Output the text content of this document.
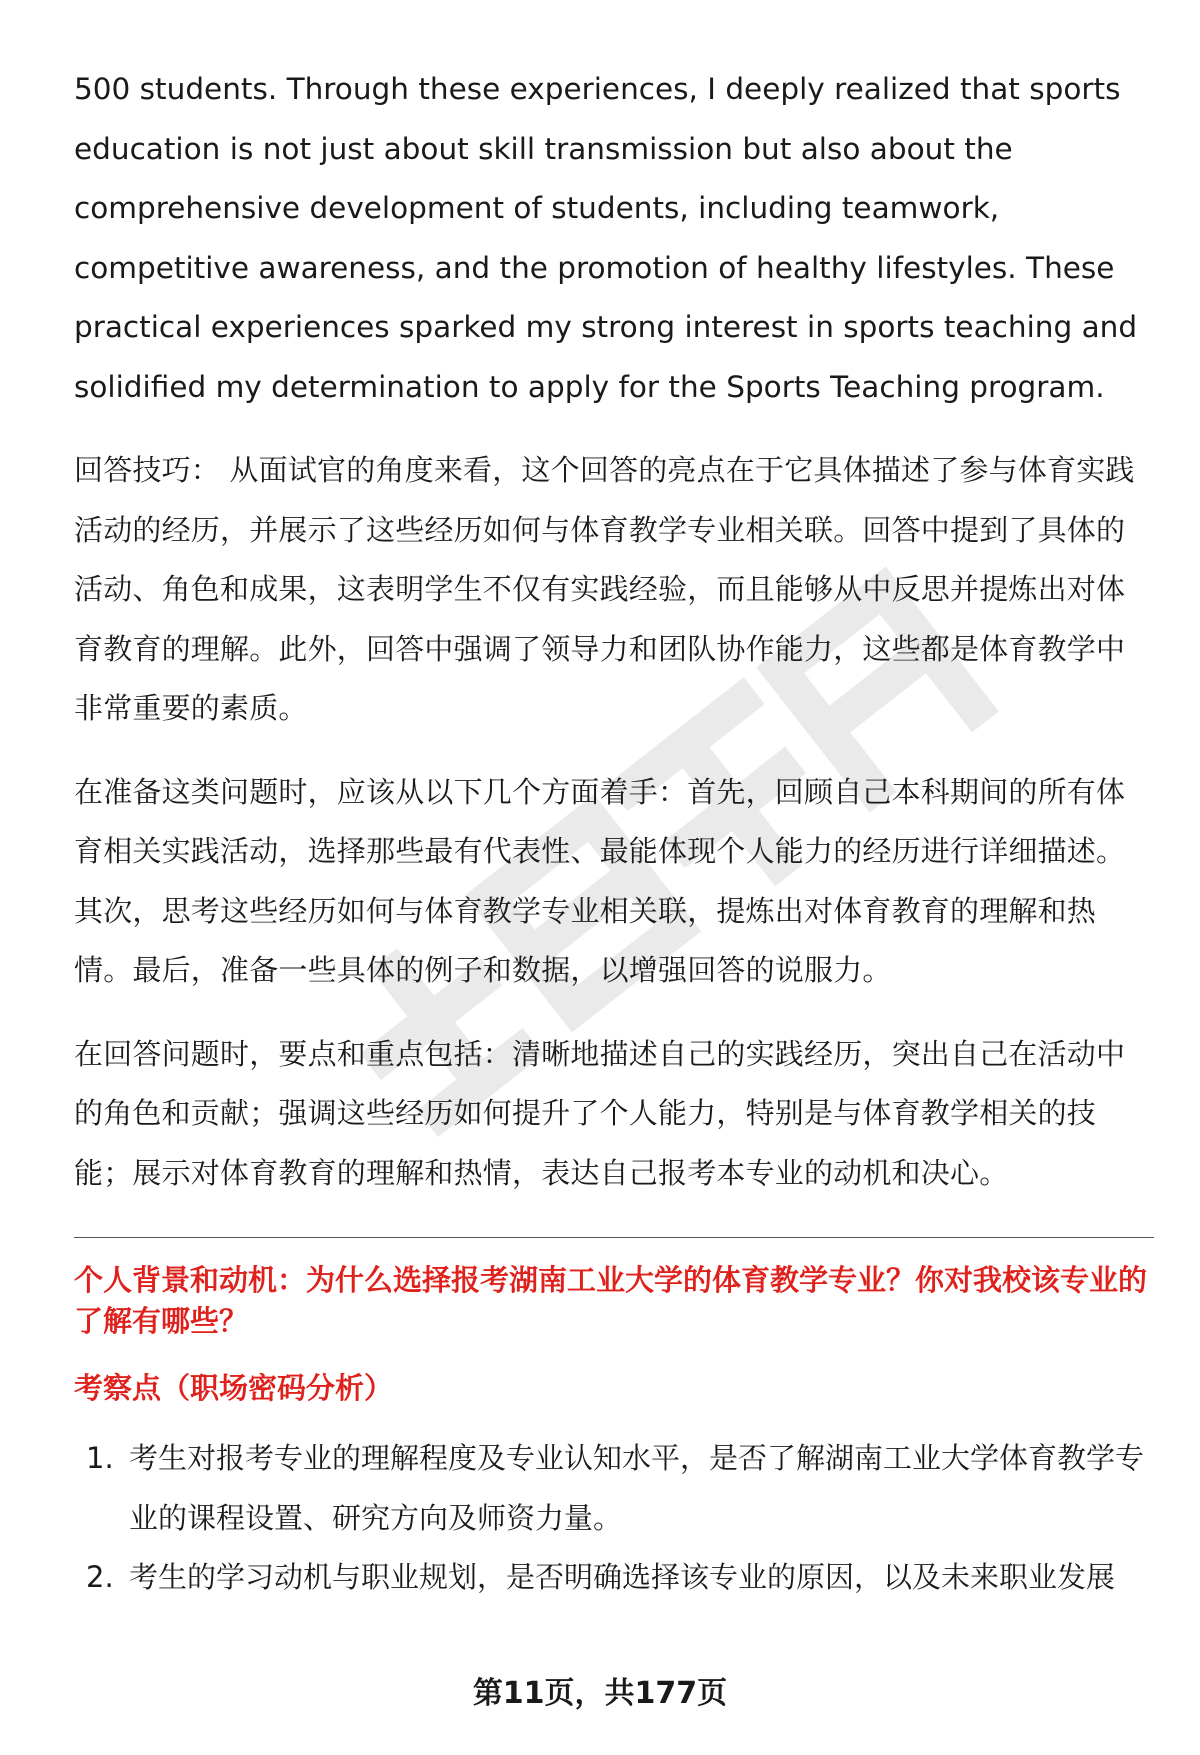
500 students. Through these experiences, I deeply realized that sports education is not just about skill transmission but also about the comprehensive development of students, including teamwork, competitive awareness, and the promotion of healthy lifestyles. These practical experiences sparked my strong interest in sports teaching and solidified my determination to apply for the Sports Teaching program.

回答技巧： 从面试官的角度来看，这个回答的亮点在于它具体描述了参与体育实践活动的经历，并展示了这些经历如何与体育教学专业相关联。回答中提到了具体的活动、角色和成果，这表明学生不仅有实践经验，而且能够从中反思并提炼出对体育教育的理解。此外，回答中强调了领导力和团队协作能力，这些都是体育教学中非常重要的素质。

在准备这类问题时，应该从以下几个方面着手：首先，回顾自己本科期间的所有体育相关实践活动，选择那些最有代表性、最能体现个人能力的经历进行详细描述。其次，思考这些经历如何与体育教学专业相关联，提炼出对体育教育的理解和热情。最后，准备一些具体的例子和数据，以增强回答的说服力。

在回答问题时，要点和重点包括：清晰地描述自己的实践经历，突出自己在活动中的角色和贡献；强调这些经历如何提升了个人能力，特别是与体育教学相关的技能；展示对体育教育的理解和热情，表达自己报考本专业的动机和决心。

个人背景和动机：为什么选择报考湖南工业大学的体育教学专业？你对我校该专业的了解有哪些？
考察点（职场密码分析）
1. 考生对报考专业的理解程度及专业认知水平，是否了解湖南工业大学体育教学专业的课程设置、研究方向及师资力量。
2. 考生的学习动机与职业规划，是否明确选择该专业的原因，以及未来职业发展
第11页，共177页
